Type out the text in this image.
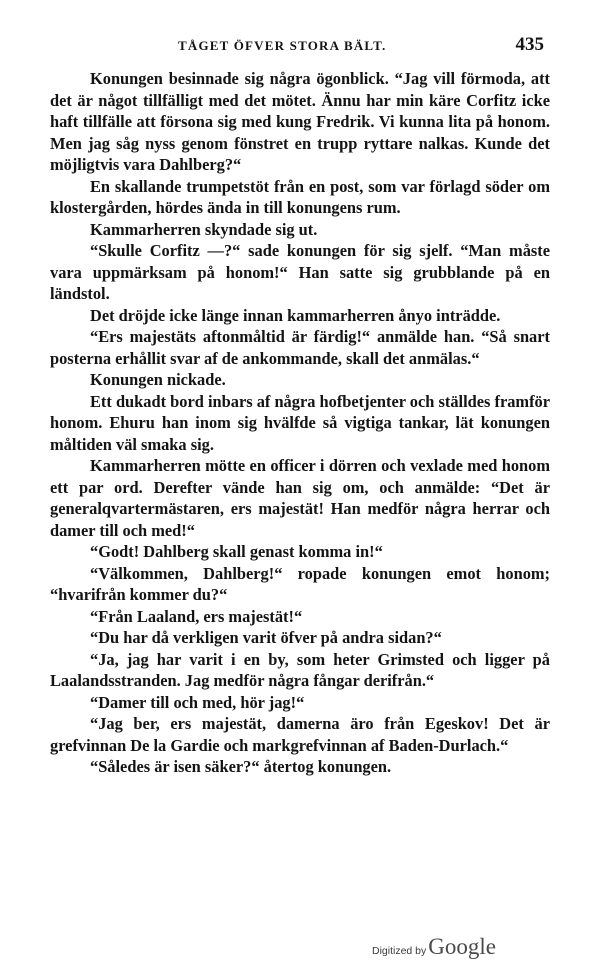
TÅGET ÖFVER STORA BÄLT.	435

Konungen besinnade sig några ögonblick. “Jag vill förmoda, att det är något tillfälligt med det mötet. Ännu har min käre Corfitz icke haft tillfälle att försona sig med kung Fredrik. Vi kunna lita på honom. Men jag såg nyss genom fönstret en trupp ryttare nalkas. Kunde det möjligtvis vara Dahlberg?“

En skallande trumpetstöt från en post, som var förlagd söder om klostergården, hördes ända in till konungens rum.

Kammarherren skyndade sig ut.

“Skulle Corfitz —?“ sade konungen för sig sjelf. “Man måste vara uppmärksam på honom!“ Han satte sig grubblande på en ländstol.

Det dröjde icke länge innan kammarherren ånyo inträdde.

“Ers majestäts aftonmåltid är färdig!“ anmälde han. “Så snart posterna erhållit svar af de ankommande, skall det anmälas.“

Konungen nickade.

Ett dukadt bord inbars af några hofbetjenter och ställdes framför honom. Ehuru han inom sig hvälfde så vigtiga tankar, lät konungen måltiden väl smaka sig.

Kammarherren mötte en officer i dörren och vexlade med honom ett par ord. Derefter vände han sig om, och anmälde: “Det är generalqvartermästaren, ers majestät! Han medför några herrar och damer till och med!“

“Godt! Dahlberg skall genast komma in!“

“Välkommen, Dahlberg!“ ropade konungen emot honom; “hvarifrån kommer du?“

“Från Laaland, ers majestät!“

“Du har då verkligen varit öfver på andra sidan?“

“Ja, jag har varit i en by, som heter Grimsted och ligger på Laalandsstranden. Jag medför några fångar derifrån.“

“Damer till och med, hör jag!“

“Jag ber, ers majestät, damerna äro från Egeskov! Det är grefvinnan De la Gardie och markgrefvinnan af Baden-Durlach.“

“Således är isen säker?“ återtog konungen.

Digitized by Google
